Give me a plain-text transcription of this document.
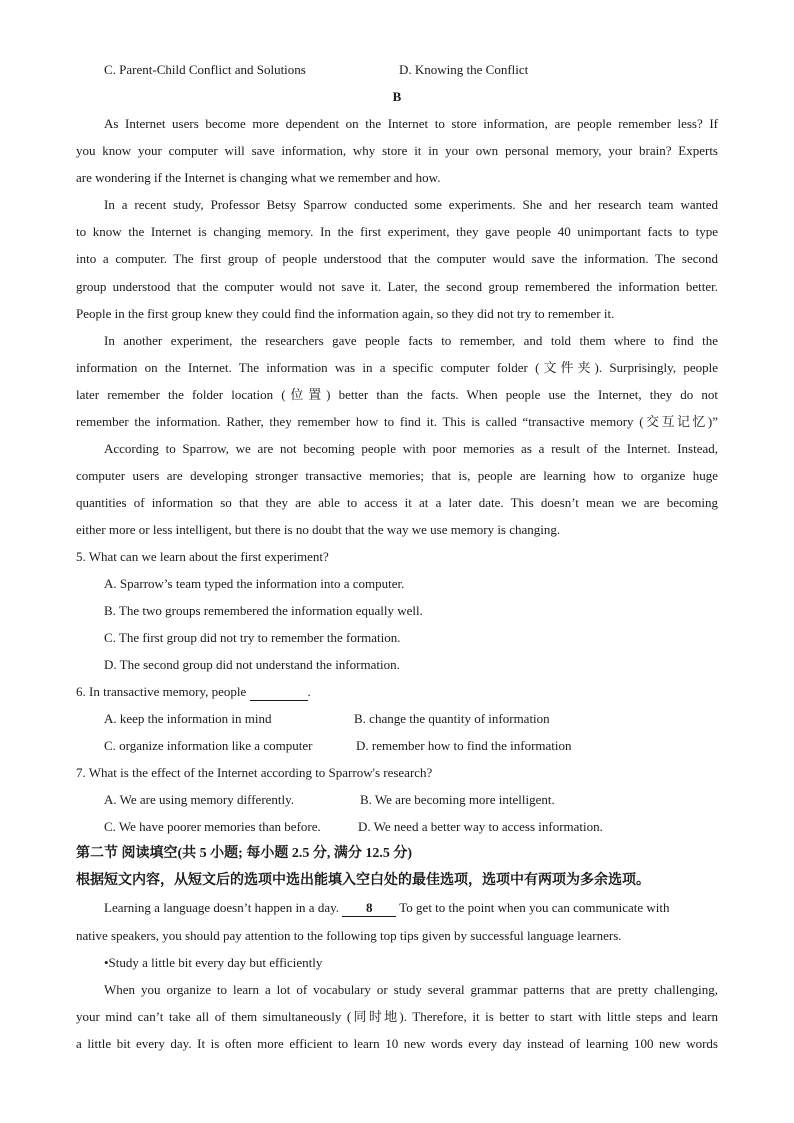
C. Parent-Child Conflict and Solutions	D. Knowing the Conflict
B
As Internet users become more dependent on the Internet to store information, are people remember less? If
you know your computer will save information, why store it in your own personal memory, your brain? Experts
are wondering if the Internet is changing what we remember and how.
In a recent study, Professor Betsy Sparrow conducted some experiments. She and her research team wanted
to know the Internet is changing memory. In the first experiment, they gave people 40 unimportant facts to type
into a computer. The first group of people understood that the computer would save the information. The second
group understood that the computer would not save it. Later, the second group remembered the information better.
People in the first group knew they could find the information again, so they did not try to remember it.
In another experiment, the researchers gave people facts to remember, and told them where to find the
information on the Internet. The information was in a specific computer folder (文件夹). Surprisingly, people
later remember the folder location (位置) better than the facts. When people use the Internet, they do not
remember the information. Rather, they remember how to find it. This is called “transactive memory (交互记忆)”
According to Sparrow, we are not becoming people with poor memories as a result of the Internet. Instead,
computer users are developing stronger transactive memories; that is, people are learning how to organize huge
quantities of information so that they are able to access it at a later date. This doesn’t mean we are becoming
either more or less intelligent, but there is no doubt that the way we use memory is changing.
5. What can we learn about the first experiment?
A. Sparrow’s team typed the information into a computer.
B. The two groups remembered the information equally well.
C. The first group did not try to remember the formation.
D. The second group did not understand the information.
6. In transactive memory, people	.
A. keep the information in mind	B. change the quantity of information
C. organize information like a computer	D. remember how to find the information
7. What is the effect of the Internet according to Sparrow's research?
A. We are using memory differently.	B. We are becoming more intelligent.
C. We have poorer memories than before.	D. We need a better way to access information.
第二节 阅读填空(共 5 小题; 每小题 2.5 分, 满分 12.5 分)
根据短文内容，从短文后的选项中选出能填入空白处的最佳选项，选项中有两项为多余选项。
Learning a language doesn’t happen in a day. 8 To get to the point when you can communicate with
native speakers, you should pay attention to the following top tips given by successful language learners.
•Study a little bit every day but efficiently
When you organize to learn a lot of vocabulary or study several grammar patterns that are pretty challenging,
your mind can’t take all of them simultaneously (同时地). Therefore, it is better to start with little steps and learn
a little bit every day. It is often more efficient to learn 10 new words every day instead of learning 100 new words
